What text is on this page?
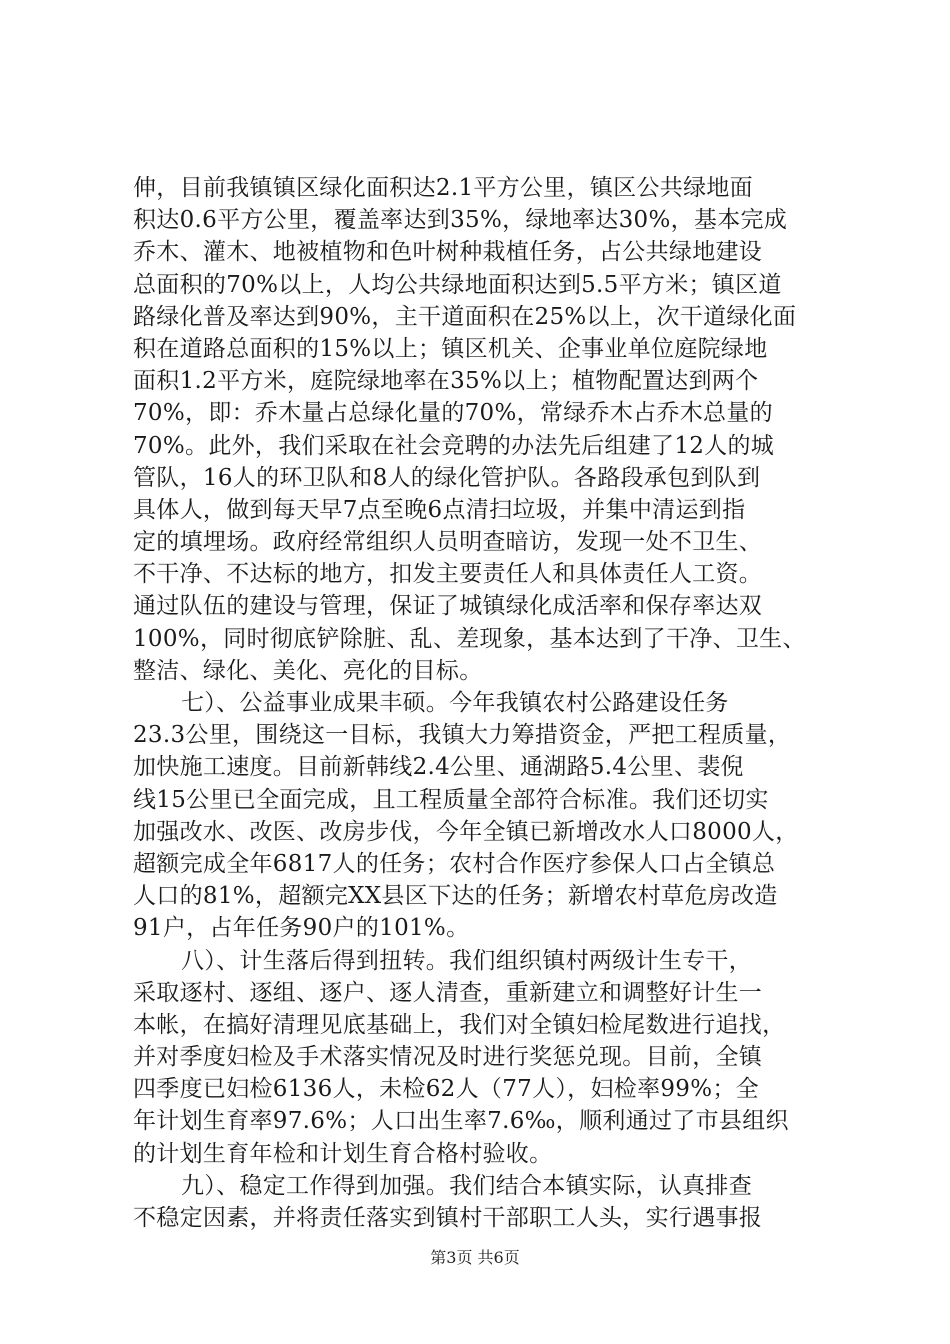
伸，目前我镇镇区绿化面积达2.1平方公里，镇区公共绿地面
积达0.6平方公里，覆盖率达到35%，绿地率达30%，基本完成
乔木、灌木、地被植物和色叶树种栽植任务，占公共绿地建设
总面积的70%以上，人均公共绿地面积达到5.5平方米；镇区道
路绿化普及率达到90%，主干道面积在25%以上，次干道绿化面
积在道路总面积的15%以上；镇区机关、企事业单位庭院绿地
面积1.2平方米，庭院绿地率在35%以上；植物配置达到两个
70%，即：乔木量占总绿化量的70%，常绿乔木占乔木总量的
70%。此外，我们采取在社会竞聘的办法先后组建了12人的城
管队，16人的环卫队和8人的绿化管护队。各路段承包到队到
具体人，做到每天早7点至晚6点清扫垃圾，并集中清运到指
定的填埋场。政府经常组织人员明查暗访，发现一处不卫生、
不干净、不达标的地方，扣发主要责任人和具体责任人工资。
通过队伍的建设与管理，保证了城镇绿化成活率和保存率达双
100%，同时彻底铲除脏、乱、差现象，基本达到了干净、卫生、
整洁、绿化、美化、亮化的目标。
七）、公益事业成果丰硕。今年我镇农村公路建设任务
23.3公里，围绕这一目标，我镇大力筹措资金，严把工程质量，
加快施工速度。目前新韩线2.4公里、通湖路5.4公里、裴倪
线15公里已全面完成，且工程质量全部符合标准。我们还切实
加强改水、改医、改房步伐，今年全镇已新增改水人口8000人，
超额完成全年6817人的任务；农村合作医疗参保人口占全镇总
人口的81%，超额完XX县区下达的任务；新增农村草危房改造
91户，占年任务90户的101%。
八）、计生落后得到扭转。我们组织镇村两级计生专干，
采取逐村、逐组、逐户、逐人清查，重新建立和调整好计生一
本帐，在搞好清理见底基础上，我们对全镇妇检尾数进行追找，
并对季度妇检及手术落实情况及时进行奖惩兑现。目前，全镇
四季度已妇检6136人，未检62人（77人），妇检率99%；全
年计划生育率97.6%；人口出生率7.6‰，顺利通过了市县组织
的计划生育年检和计划生育合格村验收。
九）、稳定工作得到加强。我们结合本镇实际，认真排查
不稳定因素，并将责任落实到镇村干部职工人头，实行遇事报
第3页 共6页
